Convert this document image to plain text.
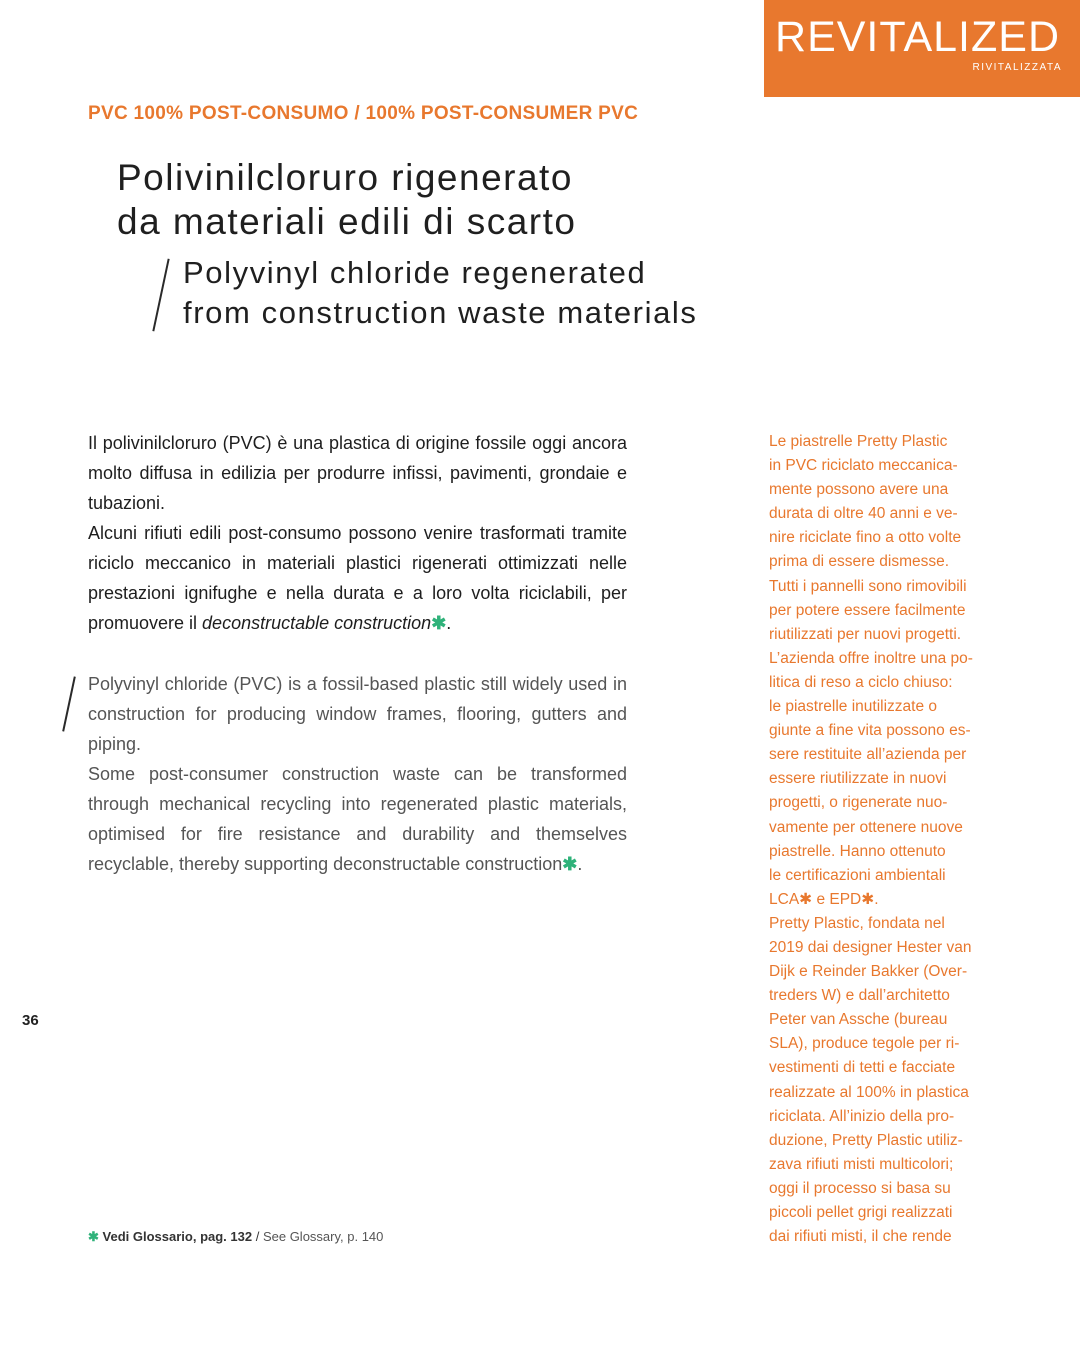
REVITALIZED
RIVITALIZZATA
PVC 100% POST-CONSUMO / 100% POST-CONSUMER PVC
Polivinilcloruro rigenerato
da materiali edili di scarto
Polyvinyl chloride regenerated
from construction waste materials

Il polivinilcloruro (PVC) è una plastica di origine fossile oggi ancora molto diffusa in edilizia per produrre infissi, pavimenti, grondaie e tubazioni.

Alcuni rifiuti edili post-consumo possono venire trasformati tramite riciclo meccanico in materiali plastici rigenerati ottimizzati nelle prestazioni ignifughe e nella durata e a loro volta riciclabili, per promuovere il deconstructable construction✱.

Polyvinyl chloride (PVC) is a fossil-based plastic still widely used in construction for producing window frames, flooring, gutters and piping.

Some post-consumer construction waste can be transformed through mechanical recycling into regenerated plastic materials, optimised for fire resistance and durability and themselves recyclable, thereby supporting deconstructable construction✱.

36
✱ Vedi Glossario, pag. 132 / See Glossary, p. 140
Le piastrelle Pretty Plastic
in PVC riciclato meccanica-
mente possono avere una
durata di oltre 40 anni e ve-
nire riciclate fino a otto volte
prima di essere dismesse.
Tutti i pannelli sono rimovibili
per potere essere facilmente
riutilizzati per nuovi progetti.
L’azienda offre inoltre una po-
litica di reso a ciclo chiuso:
le piastrelle inutilizzate o
giunte a fine vita possono es-
sere restituite all’azienda per
essere riutilizzate in nuovi
progetti, o rigenerate nuo-
vamente per ottenere nuove
piastrelle. Hanno ottenuto
le certificazioni ambientali
LCA✱ e EPD✱.
Pretty Plastic, fondata nel
2019 dai designer Hester van
Dijk e Reinder Bakker (Over-
treders W) e dall’architetto
Peter van Assche (bureau
SLA), produce tegole per ri-
vestimenti di tetti e facciate
realizzate al 100% in plastica
riciclata. All’inizio della pro-
duzione, Pretty Plastic utiliz-
zava rifiuti misti multicolori;
oggi il processo si basa su
piccoli pellet grigi realizzati
dai rifiuti misti, il che rende
